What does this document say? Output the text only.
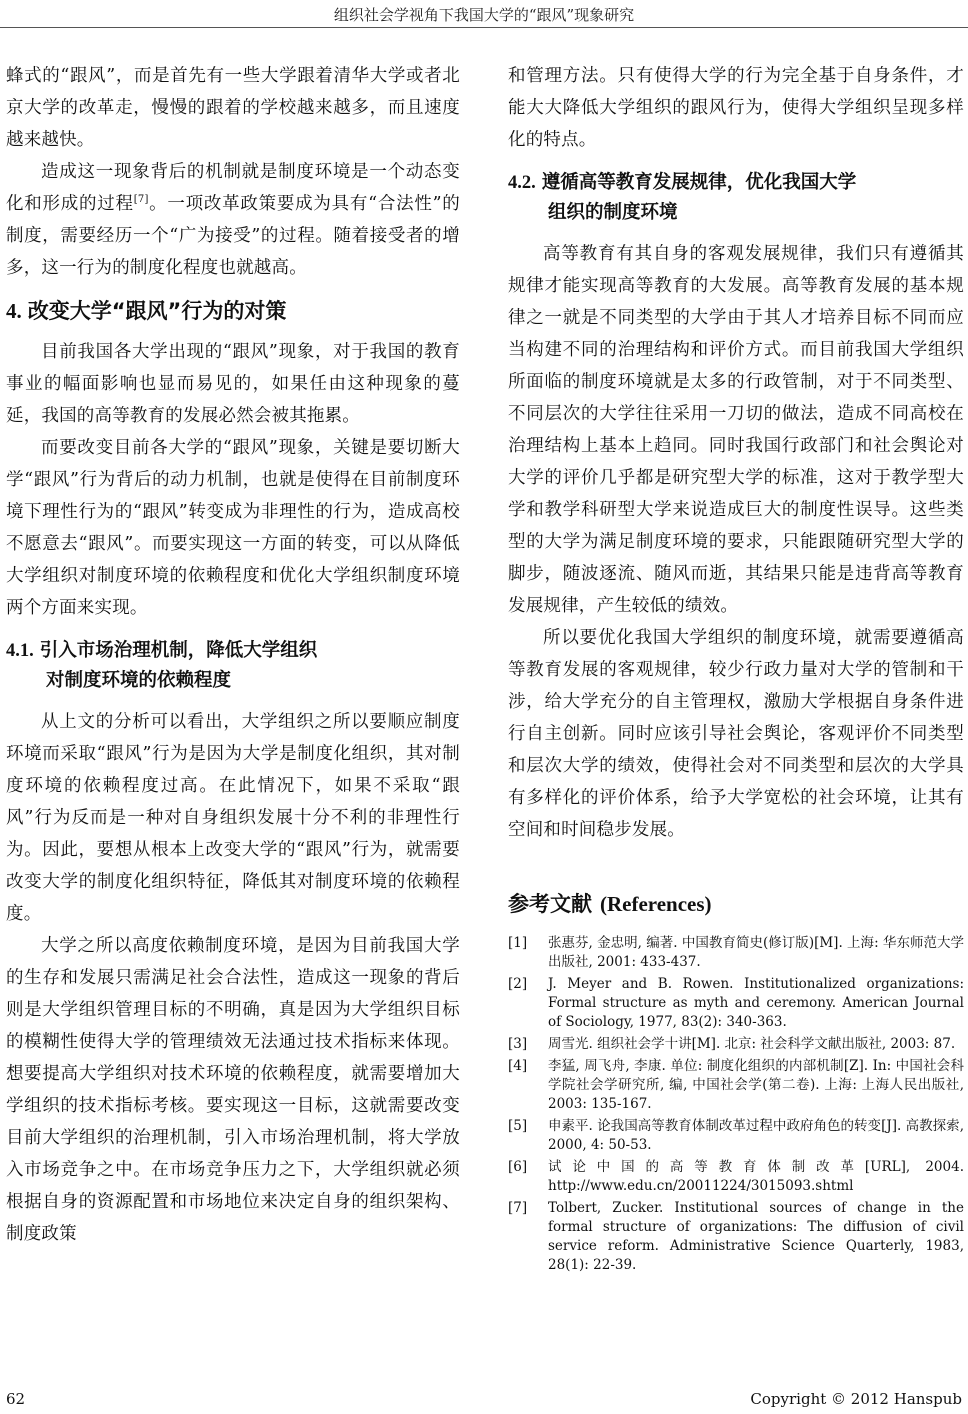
组织社会学视角下我国大学的“跟风”现象研究

蜂式的“跟风”，而是首先有一些大学跟着清华大学或者北京大学的改革走，慢慢的跟着的学校越来越多，而且速度越来越快。

造成这一现象背后的机制就是制度环境是一个动态变化和形成的过程[7]。一项改革政策要成为具有“合法性”的制度，需要经历一个“广为接受”的过程。随着接受者的增多，这一行为的制度化程度也就越高。

4. 改变大学“跟风”行为的对策

目前我国各大学出现的“跟风”现象，对于我国的教育事业的幅面影响也显而易见的，如果任由这种现象的蔓延，我国的高等教育的发展必然会被其拖累。

而要改变目前各大学的“跟风”现象，关键是要切断大学“跟风”行为背后的动力机制，也就是使得在目前制度环境下理性行为的“跟风”转变成为非理性的行为，造成高校不愿意去“跟风”。而要实现这一方面的转变，可以从降低大学组织对制度环境的依赖程度和优化大学组织制度环境两个方面来实现。

4.1. 引入市场治理机制，降低大学组织
对制度环境的依赖程度

从上文的分析可以看出，大学组织之所以要顺应制度环境而采取“跟风”行为是因为大学是制度化组织，其对制度环境的依赖程度过高。在此情况下，如果不采取“跟风”行为反而是一种对自身组织发展十分不利的非理性行为。因此，要想从根本上改变大学的“跟风”行为，就需要改变大学的制度化组织特征，降低其对制度环境的依赖程度。

大学之所以高度依赖制度环境，是因为目前我国大学的生存和发展只需满足社会合法性，造成这一现象的背后则是大学组织管理目标的不明确，真是因为大学组织目标的模糊性使得大学的管理绩效无法通过技术指标来体现。想要提高大学组织对技术环境的依赖程度，就需要增加大学组织的技术指标考核。要实现这一目标，这就需要改变目前大学组织的治理机制，引入市场治理机制，将大学放入市场竞争之中。在市场竞争压力之下，大学组织就必须根据自身的资源配置和市场地位来决定自身的组织架构、制度政策

和管理方法。只有使得大学的行为完全基于自身条件，才能大大降低大学组织的跟风行为，使得大学组织呈现多样化的特点。

4.2. 遵循高等教育发展规律，优化我国大学
组织的制度环境

高等教育有其自身的客观发展规律，我们只有遵循其规律才能实现高等教育的大发展。高等教育发展的基本规律之一就是不同类型的大学由于其人才培养目标不同而应当构建不同的治理结构和评价方式。而目前我国大学组织所面临的制度环境就是太多的行政管制，对于不同类型、不同层次的大学往往采用一刀切的做法，造成不同高校在治理结构上基本上趋同。同时我国行政部门和社会舆论对大学的评价几乎都是研究型大学的标准，这对于教学型大学和教学科研型大学来说造成巨大的制度性误导。这些类型的大学为满足制度环境的要求，只能跟随研究型大学的脚步，随波逐流、随风而逝，其结果只能是违背高等教育发展规律，产生较低的绩效。

所以要优化我国大学组织的制度环境，就需要遵循高等教育发展的客观规律，较少行政力量对大学的管制和干涉，给大学充分的自主管理权，激励大学根据自身条件进行自主创新。同时应该引导社会舆论，客观评价不同类型和层次大学的绩效，使得社会对不同类型和层次的大学具有多样化的评价体系，给予大学宽松的社会环境，让其有空间和时间稳步发展。

参考文献 (References)
[1]	张惠芬, 金忠明, 编著. 中国教育简史(修订版)[M]. 上海: 华东师范大学出版社, 2001: 433-437.
[2]	J. Meyer and B. Rowen. Institutionalized organizations: Formal structure as myth and ceremony. American Journal of Sociology, 1977, 83(2): 340-363.
[3]	周雪光. 组织社会学十讲[M]. 北京: 社会科学文献出版社, 2003: 87.
[4]	李猛, 周飞舟, 李康. 单位: 制度化组织的内部机制[Z]. In: 中国社会科学院社会学研究所, 编, 中国社会学(第二卷). 上海: 上海人民出版社, 2003: 135-167.
[5]	申素平. 论我国高等教育体制改革过程中政府角色的转变[J]. 高教探索, 2000, 4: 50-53.
[6]	试论中国的高等教育体制改革[URL], 2004. http://www.edu.cn/20011224/3015093.shtml
[7]	Tolbert, Zucker. Institutional sources of change in the formal structure of organizations: The diffusion of civil service reform. Administrative Science Quarterly, 1983, 28(1): 22-39.
62	Copyright © 2012 Hanspub
